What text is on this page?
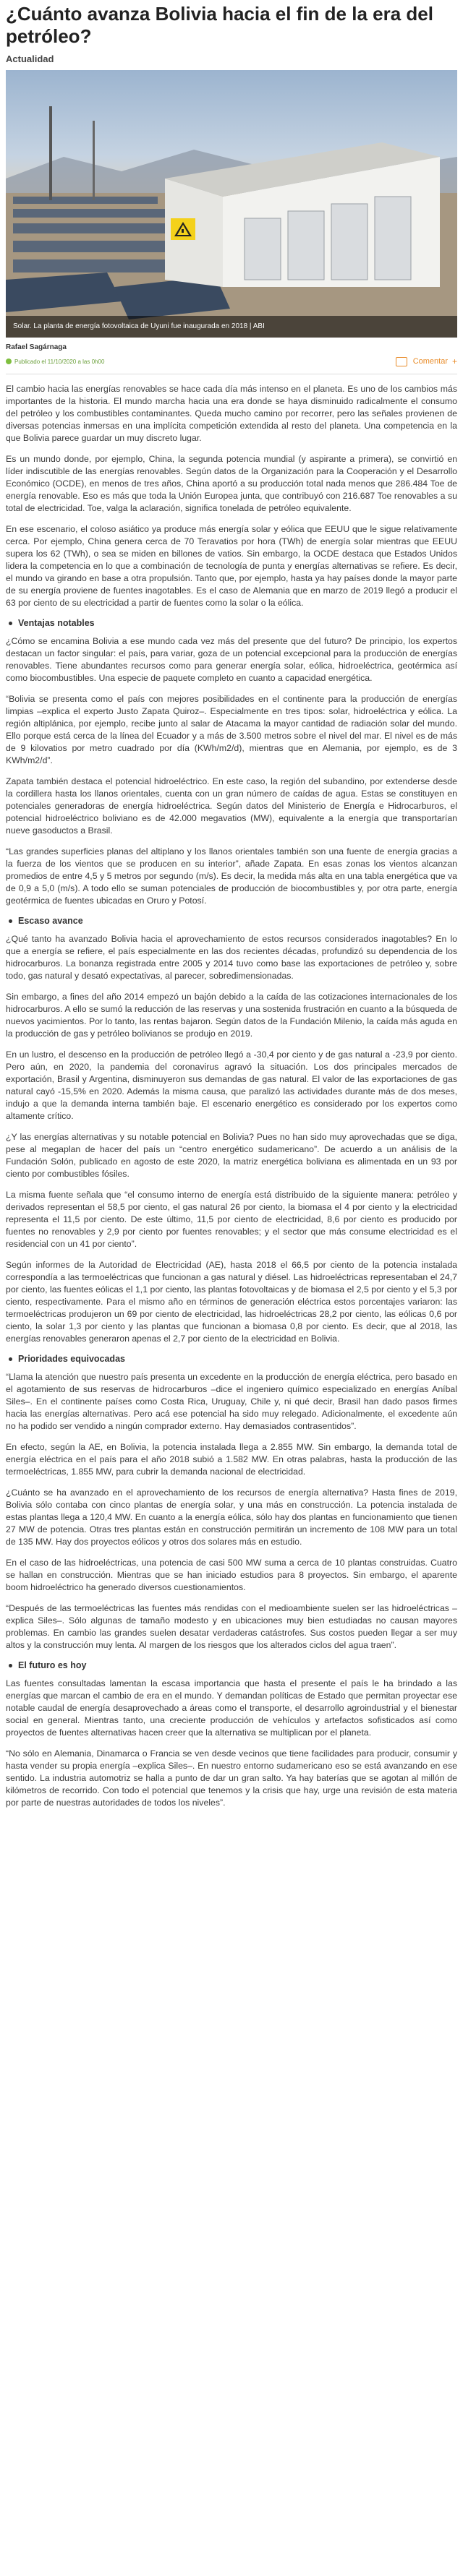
¿Cuánto avanza Bolivia hacia el fin de la era del petróleo?
Actualidad
Solar. La planta de energía fotovoltaica de Uyuni fue inaugurada en 2018 | ABI
Rafael Sagárnaga
Publicado el 11/10/2020 a las 0h00	Comentar +

El cambio hacia las energías renovables se hace cada día más intenso en el planeta. Es uno de los cambios más importantes de la historia. El mundo marcha hacia una era donde se haya disminuido radicalmente el consumo del petróleo y los combustibles contaminantes. Queda mucho camino por recorrer, pero las señales provienen de diversas potencias inmersas en una implícita competición extendida al resto del planeta. Una competencia en la que Bolivia parece guardar un muy discreto lugar.

Es un mundo donde, por ejemplo, China, la segunda potencia mundial (y aspirante a primera), se convirtió en líder indiscutible de las energías renovables. Según datos de la Organización para la Cooperación y el Desarrollo Económico (OCDE), en menos de tres años, China aportó a su producción total nada menos que 286.484 Toe de energía renovable. Eso es más que toda la Unión Europea junta, que contribuyó con 216.687 Toe renovables a su total de electricidad. Toe, valga la aclaración, significa tonelada de petróleo equivalente.

En ese escenario, el coloso asiático ya produce más energía solar y eólica que EEUU que le sigue relativamente cerca. Por ejemplo, China genera cerca de 70 Teravatios por hora (TWh) de energía solar mientras que EEUU supera los 62 (TWh), o sea se miden en billones de vatios. Sin embargo, la OCDE destaca que Estados Unidos lidera la competencia en lo que a combinación de tecnología de punta y energías alternativas se refiere. Es decir, el mundo va girando en base a otra propulsión. Tanto que, por ejemplo, hasta ya hay países donde la mayor parte de su energía proviene de fuentes inagotables. Es el caso de Alemania que en marzo de 2019 llegó a producir el 63 por ciento de su electricidad a partir de fuentes como la solar o la eólica.

Ventajas notables

¿Cómo se encamina Bolivia a ese mundo cada vez más del presente que del futuro? De principio, los expertos destacan un factor singular: el país, para variar, goza de un potencial excepcional para la producción de energías renovables. Tiene abundantes recursos como para generar energía solar, eólica, hidroeléctrica, geotérmica así como biocombustibles. Una especie de paquete completo en cuanto a capacidad energética.

“Bolivia se presenta como el país con mejores posibilidades en el continente para la producción de energías limpias –explica el experto Justo Zapata Quiroz–. Especialmente en tres tipos: solar, hidroeléctrica y eólica. La región altiplánica, por ejemplo, recibe junto al salar de Atacama la mayor cantidad de radiación solar del mundo. Ello porque está cerca de la línea del Ecuador y a más de 3.500 metros sobre el nivel del mar. El nivel es de más de 9 kilovatios por metro cuadrado por día (KWh/m2/d), mientras que en Alemania, por ejemplo, es de 3 KWh/m2/d”.

Zapata también destaca el potencial hidroeléctrico. En este caso, la región del subandino, por extenderse desde la cordillera hasta los llanos orientales, cuenta con un gran número de caídas de agua. Estas se constituyen en potenciales generadoras de energía hidroeléctrica. Según datos del Ministerio de Energía e Hidrocarburos, el potencial hidroeléctrico boliviano es de 42.000 megavatios (MW), equivalente a la energía que transportarían nueve gasoductos a Brasil.

“Las grandes superficies planas del altiplano y los llanos orientales también son una fuente de energía gracias a la fuerza de los vientos que se producen en su interior”, añade Zapata. En esas zonas los vientos alcanzan promedios de entre 4,5 y 5 metros por segundo (m/s). Es decir, la medida más alta en una tabla energética que va de 0,9 a 5,0 (m/s). A todo ello se suman potenciales de producción de biocombustibles y, por otra parte, energía geotérmica de fuentes ubicadas en Oruro y Potosí.

Escaso avance

¿Qué tanto ha avanzado Bolivia hacia el aprovechamiento de estos recursos considerados inagotables? En lo que a energía se refiere, el país especialmente en las dos recientes décadas, profundizó su dependencia de los hidrocarburos. La bonanza registrada entre 2005 y 2014 tuvo como base las exportaciones de petróleo y, sobre todo, gas natural y desató expectativas, al parecer, sobredimensionadas.

Sin embargo, a fines del año 2014 empezó un bajón debido a la caída de las cotizaciones internacionales de los hidrocarburos. A ello se sumó la reducción de las reservas y una sostenida frustración en cuanto a la búsqueda de nuevos yacimientos. Por lo tanto, las rentas bajaron. Según datos de la Fundación Milenio, la caída más aguda en la producción de gas y petróleo bolivianos se produjo en 2019.

En un lustro, el descenso en la producción de petróleo llegó a -30,4 por ciento y de gas natural a -23,9 por ciento. Pero aún, en 2020, la pandemia del coronavirus agravó la situación. Los dos principales mercados de exportación, Brasil y Argentina, disminuyeron sus demandas de gas natural. El valor de las exportaciones de gas natural cayó -15,5% en 2020. Además la misma causa, que paralizó las actividades durante más de dos meses, indujo a que la demanda interna también baje. El escenario energético es considerado por los expertos como altamente crítico.

¿Y las energías alternativas y su notable potencial en Bolivia? Pues no han sido muy aprovechadas que se diga, pese al megaplan de hacer del país un “centro energético sudamericano”. De acuerdo a un análisis de la Fundación Solón, publicado en agosto de este 2020, la matriz energética boliviana es alimentada en un 93 por ciento por combustibles fósiles.

La misma fuente señala que “el consumo interno de energía está distribuido de la siguiente manera: petróleo y derivados representan el 58,5 por ciento, el gas natural 26 por ciento, la biomasa el 4 por ciento y la electricidad representa el 11,5 por ciento. De este último, 11,5 por ciento de electricidad, 8,6 por ciento es producido por fuentes no renovables y 2,9 por ciento por fuentes renovables; y el sector que más consume electricidad es el residencial con un 41 por ciento”.

Según informes de la Autoridad de Electricidad (AE), hasta 2018 el 66,5 por ciento de la potencia instalada correspondía a las termoeléctricas que funcionan a gas natural y diésel. Las hidroeléctricas representaban el 24,7 por ciento, las fuentes eólicas el 1,1 por ciento, las plantas fotovoltaicas y de biomasa el 2,5 por ciento y el 5,3 por ciento, respectivamente. Para el mismo año en términos de generación eléctrica estos porcentajes variaron: las termoeléctricas produjeron un 69 por ciento de electricidad, las hidroeléctricas 28,2 por ciento, las eólicas 0,6 por ciento, la solar 1,3 por ciento y las plantas que funcionan a biomasa 0,8 por ciento. Es decir, que al 2018, las energías renovables generaron apenas el 2,7 por ciento de la electricidad en Bolivia.

Prioridades equivocadas

“Llama la atención que nuestro país presenta un excedente en la producción de energía eléctrica, pero basado en el agotamiento de sus reservas de hidrocarburos –dice el ingeniero químico especializado en energías Aníbal Siles–. En el continente países como Costa Rica, Uruguay, Chile y, ni qué decir, Brasil han dado pasos firmes hacia las energías alternativas. Pero acá ese potencial ha sido muy relegado. Adicionalmente, el excedente aún no ha podido ser vendido a ningún comprador externo. Hay demasiados contrasentidos”.

En efecto, según la AE, en Bolivia, la potencia instalada llega a 2.855 MW. Sin embargo, la demanda total de energía eléctrica en el país para el año 2018 subió a 1.582 MW. En otras palabras, hasta la producción de las termoeléctricas, 1.855 MW, para cubrir la demanda nacional de electricidad.

¿Cuánto se ha avanzado en el aprovechamiento de los recursos de energía alternativa? Hasta fines de 2019, Bolivia sólo contaba con cinco plantas de energía solar, y una más en construcción. La potencia instalada de estas plantas llega a 120,4 MW. En cuanto a la energía eólica, sólo hay dos plantas en funcionamiento que tienen 27 MW de potencia. Otras tres plantas están en construcción permitirán un incremento de 108 MW para un total de 135 MW. Hay dos proyectos eólicos y otros dos solares más en estudio.

En el caso de las hidroeléctricas, una potencia de casi 500 MW suma a cerca de 10 plantas construidas. Cuatro se hallan en construcción. Mientras que se han iniciado estudios para 8 proyectos. Sin embargo, el aparente boom hidroeléctrico ha generado diversos cuestionamientos.

“Después de las termoeléctricas las fuentes más rendidas con el medioambiente suelen ser las hidroeléctricas –explica Siles–. Sólo algunas de tamaño modesto y en ubicaciones muy bien estudiadas no causan mayores problemas. En cambio las grandes suelen desatar verdaderas catástrofes. Sus costos pueden llegar a ser muy altos y la construcción muy lenta. Al margen de los riesgos que los alterados ciclos del agua traen”.

El futuro es hoy

Las fuentes consultadas lamentan la escasa importancia que hasta el presente el país le ha brindado a las energías que marcan el cambio de era en el mundo. Y demandan políticas de Estado que permitan proyectar ese notable caudal de energía desaprovechado a áreas como el transporte, el desarrollo agroindustrial y el bienestar social en general. Mientras tanto, una creciente producción de vehículos y artefactos sofisticados así como proyectos de fuentes alternativas hacen creer que la alternativa se multiplican por el planeta.

“No sólo en Alemania, Dinamarca o Francia se ven desde vecinos que tiene facilidades para producir, consumir y hasta vender su propia energía –explica Siles–. En nuestro entorno sudamericano eso se está avanzando en ese sentido. La industria automotriz se halla a punto de dar un gran salto. Ya hay baterías que se agotan al millón de kilómetros de recorrido. Con todo el potencial que tenemos y la crisis que hay, urge una revisión de esta materia por parte de nuestras autoridades de todos los niveles”.
